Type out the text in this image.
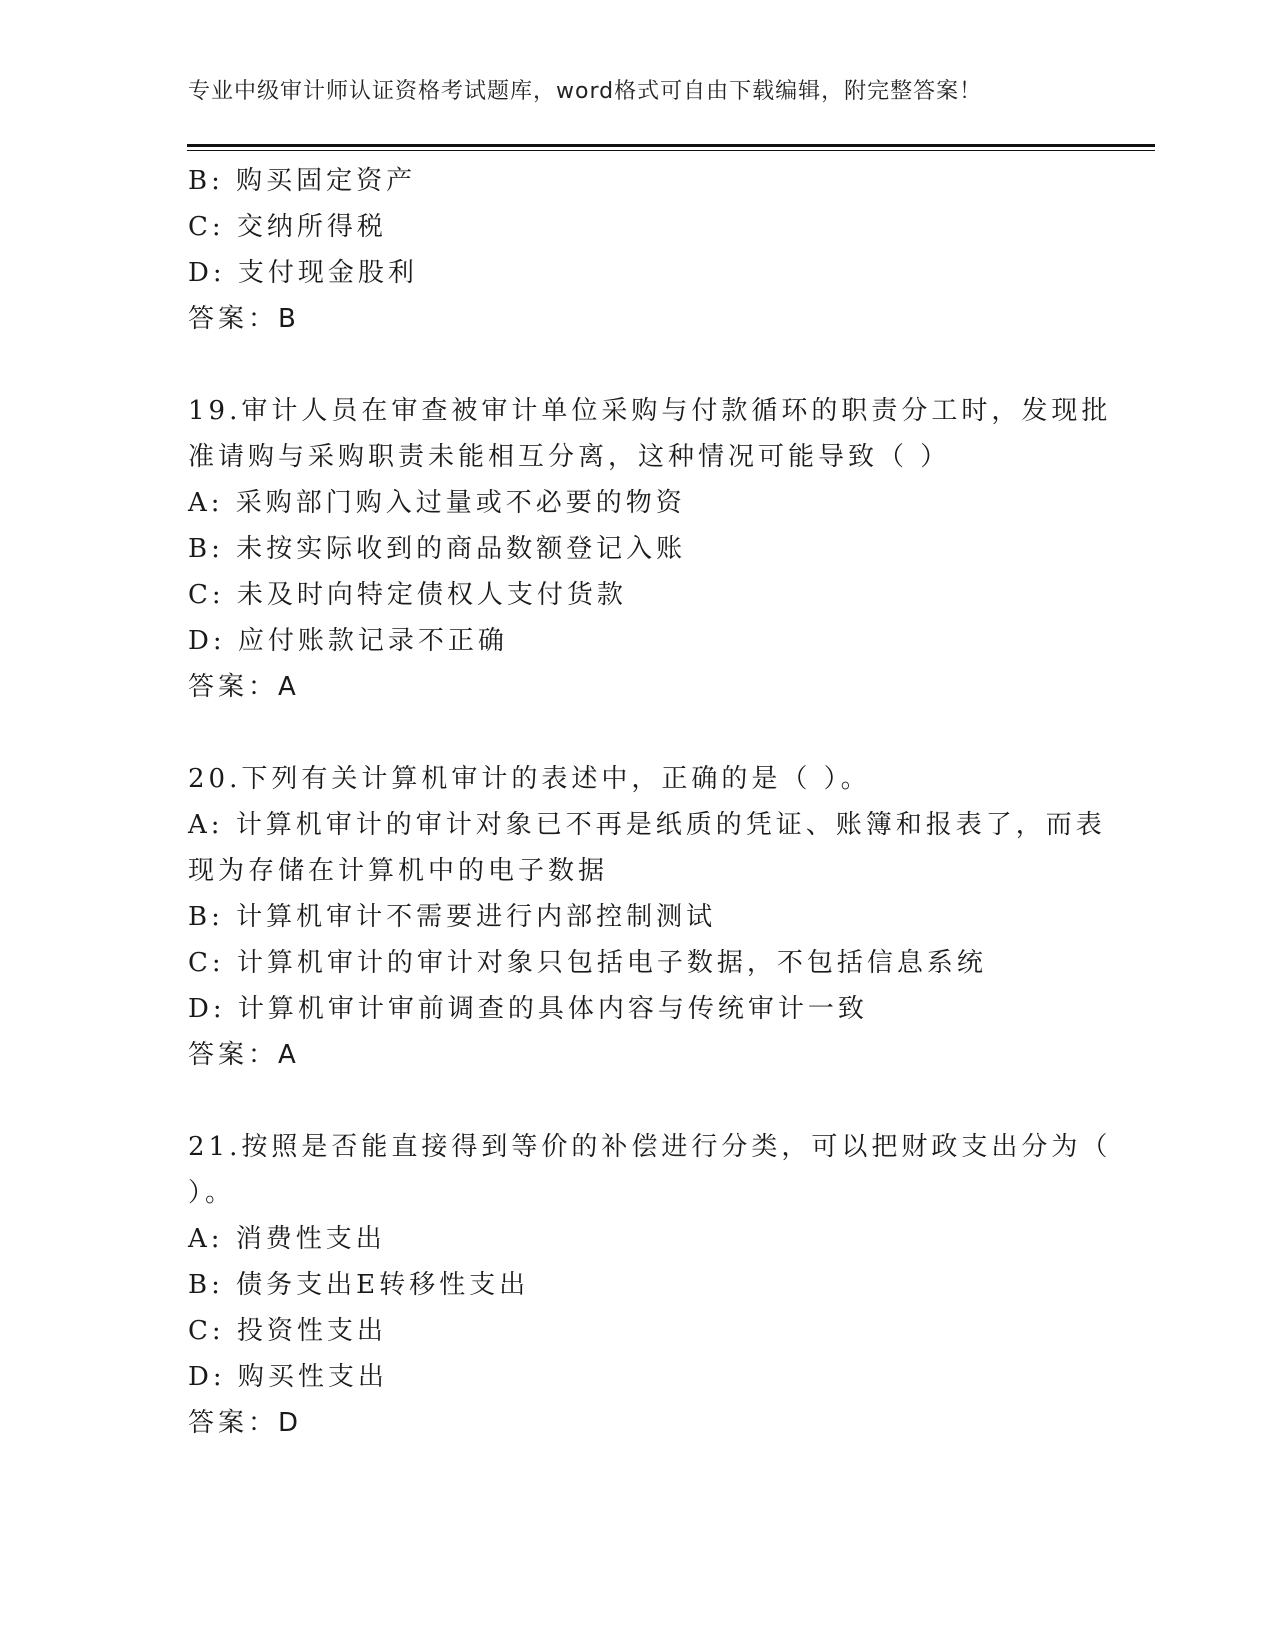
专业中级审计师认证资格考试题库，word格式可自由下载编辑，附完整答案！
B: 购买固定资产
C: 交纳所得税
D: 支付现金股利
答案：B
19.审计人员在审查被审计单位采购与付款循环的职责分工时，发现批
准请购与采购职责未能相互分离，这种情况可能导致（ ）
A: 采购部门购入过量或不必要的物资
B: 未按实际收到的商品数额登记入账
C: 未及时向特定债权人支付货款
D: 应付账款记录不正确
答案：A
20.下列有关计算机审计的表述中，正确的是（ ）。
A: 计算机审计的审计对象已不再是纸质的凭证、账簿和报表了，而表
现为存储在计算机中的电子数据
B: 计算机审计不需要进行内部控制测试
C: 计算机审计的审计对象只包括电子数据，不包括信息系统
D: 计算机审计审前调查的具体内容与传统审计一致
答案：A
21.按照是否能直接得到等价的补偿进行分类，可以把财政支出分为（
）。
A: 消费性支出
B: 债务支出E转移性支出
C: 投资性支出
D: 购买性支出
答案：D
